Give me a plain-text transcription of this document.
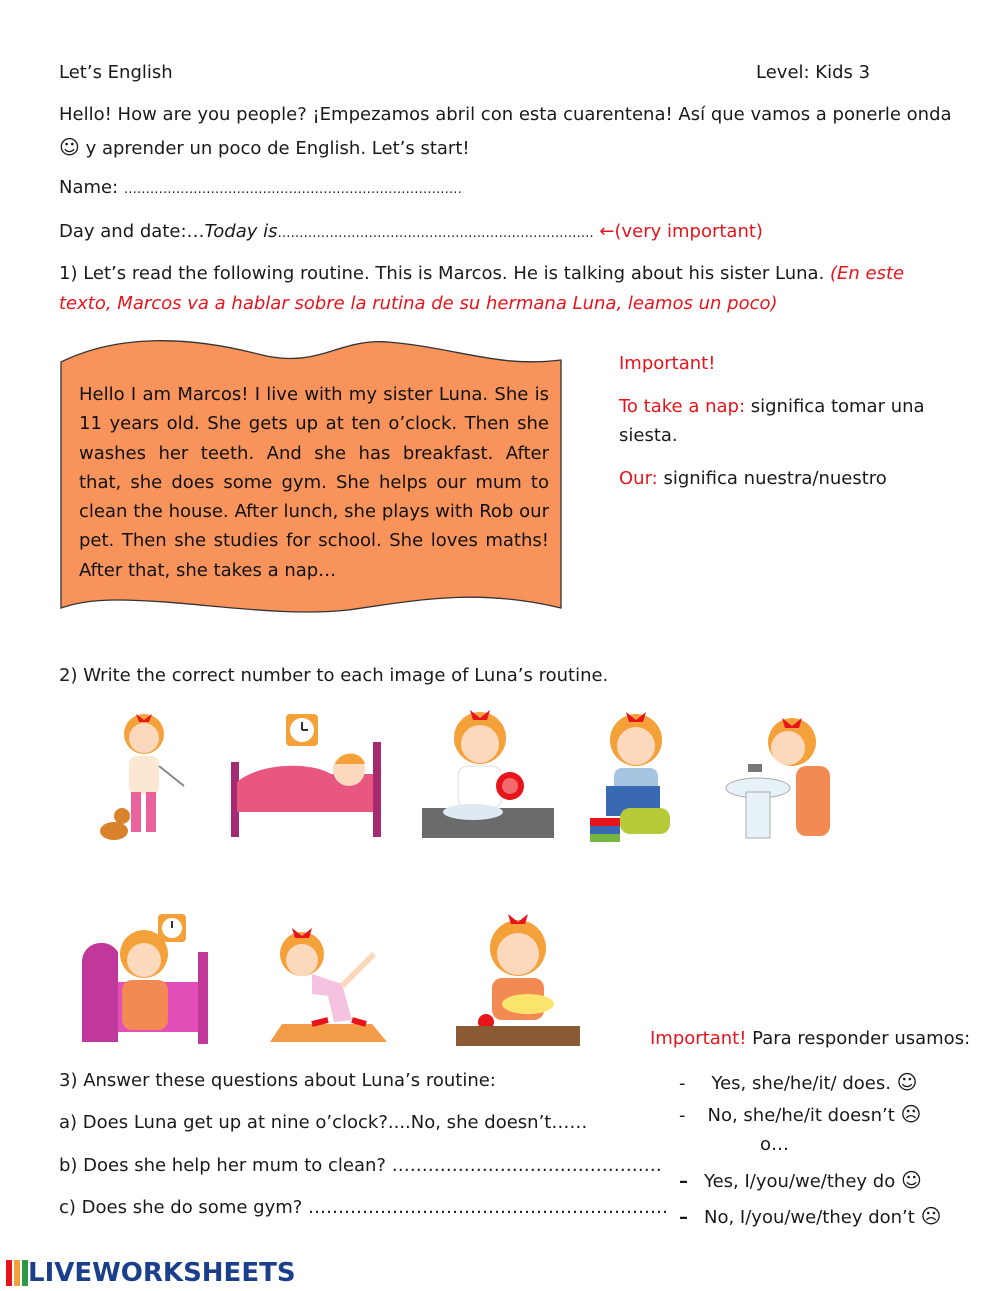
Let’s English	Level: Kids 3
Hello! How are you people? ¡Empezamos abril con esta cuarentena! Así que vamos a ponerle onda
☺ y aprender un poco de English. Let’s start!
Name: ……………………………………………………………………
Day and date:…Today is………………………………………………………………. ←(very important)
1) Let’s read the following routine. This is Marcos. He is talking about his sister Luna. (En este
texto, Marcos va a hablar sobre la rutina de su hermana Luna, leamos un poco)
Hello I am Marcos! I live with my sister Luna. She is 11 years old. She gets up at ten o’clock. Then she washes her teeth. And she has breakfast. After that, she does some gym. She helps our mum to clean the house. After lunch, she plays with Rob our pet. Then she studies for school. She loves maths! After that, she takes a nap…
Important!
To take a nap: significa tomar una
siesta.
Our: significa nuestra/nuestro
2) Write the correct number to each image of Luna’s routine.
Important! Para responder usamos:
- Yes, she/he/it/ does. ☺
- No, she/he/it doesn’t ☹
o…
– Yes, I/you/we/they do ☺
– No, I/you/we/they don’t ☹
3) Answer these questions about Luna’s routine:
a) Does Luna get up at nine o’clock?....No, she doesn’t……
b) Does she help her mum to clean? ………………………………………
c) Does she do some gym? ……………………………………………………
LIVEWORKSHEETS
